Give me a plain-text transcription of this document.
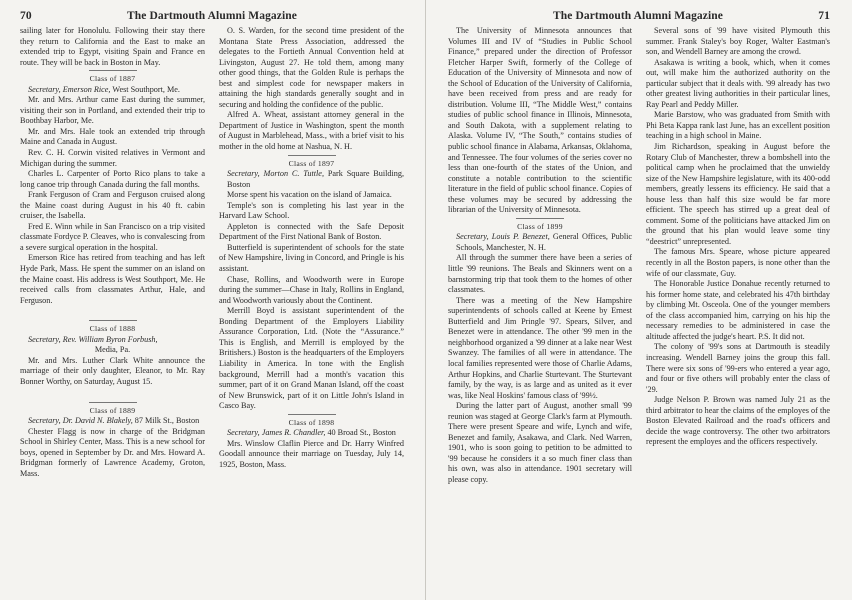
70	The Dartmouth Alumni Magazine

sailing later for Honolulu. Following their stay there they return to California and the East to make an extended trip to Egypt, visiting Spain and France en route. They will be back in Boston in May.

Class of 1887

Secretary, Emerson Rice, West Southport, Me.

Mr. and Mrs. Arthur came East during the summer, visiting their son in Portland, and extended their trip to Boothbay Harbor, Me.

Mr. and Mrs. Hale took an extended trip through Maine and Canada in August.

Rev. C. H. Corwin visited relatives in Vermont and Michigan during the summer.

Charles L. Carpenter of Porto Rico plans to take a long canoe trip through Canada during the fall months.

Frank Ferguson of Cram and Ferguson cruised along the Maine coast during August in his 40 ft. cabin cruiser, the Isabella.

Fred E. Winn while in San Francisco on a trip visited classmate Fordyce P. Cleaves, who is convalescing from a severe surgical operation in the hospital.

Emerson Rice has retired from teaching and has left Hyde Park, Mass. He spent the summer on an island on the Maine coast. His address is West Southport, Me. He received calls from classmates Arthur, Hale, and Ferguson.

Class of 1888

Secretary, Rev. William Byron Forbush,

Media, Pa.

Mr. and Mrs. Luther Clark White announce the marriage of their only daughter, Eleanor, to Mr. Ray Bonner Worthy, on Saturday, August 15.

Class of 1889

Secretary, Dr. David N. Blakely, 87 Milk St., Boston

Chester Flagg is now in charge of the Bridgman School in Shirley Center, Mass. This is a new school for boys, opened in September by Dr. and Mrs. Howard A. Bridgman formerly of Lawrence Academy, Groton, Mass.

O. S. Warden, for the second time president of the Montana State Press Association, addressed the delegates to the Fortieth Annual Convention held at Livingston, August 27. He told them, among many other good things, that the Golden Rule is perhaps the best and simplest code for newspaper makers in attaining the high standards generally sought and in securing and holding the confidence of the public.

Alfred A. Wheat, assistant attorney general in the Department of Justice in Washington, spent the month of August in Marblehead, Mass., with a brief visit to his mother in the old home at Nashua, N. H.

Class of 1897

Secretary, Morton C. Tuttle, Park Square Building, Boston

Morse spent his vacation on the island of Jamaica.

Temple's son is completing his last year in the Harvard Law School.

Appleton is connected with the Safe Deposit Department of the First National Bank of Boston.

Butterfield is superintendent of schools for the state of New Hampshire, living in Concord, and Pringle is his assistant.

Chase, Rollins, and Woodworth were in Europe during the summer—Chase in Italy, Rollins in England, and Woodworth variously about the Continent.

Merrill Boyd is assistant superintendent of the Bonding Department of the Employers Liability Assurance Corporation, Ltd. (Note the “Assurance.” This is English, and Merrill is employed by the Britishers.) Boston is the headquarters of the Employers Liability in America. In tone with the English background, Merrill had a month's vacation this summer, part of it on Grand Manan Island, off the coast of New Brunswick, part of it on Little John's Island in Casco Bay.

Class of 1898

Secretary, James R. Chandler, 40 Broad St., Boston

Mrs. Winslow Claflin Pierce and Dr. Harry Winfred Goodall announce their marriage on Tuesday, July 14, 1925, Boston, Mass.

The Dartmouth Alumni Magazine	71

The University of Minnesota announces that Volumes III and IV of “Studies in Public School Finance,” prepared under the direction of Professor Fletcher Harper Swift, formerly of the College of Education of the University of Minnesota and now of the School of Education of the University of California, have been received from press and are ready for distribution. Volume III, “The Middle West,” contains studies of public school finance in Illinois, Minnesota, and South Dakota, with a supplement relating to Alaska. Volume IV, “The South,” contains studies of public school finance in Alabama, Arkansas, Oklahoma, and Tennessee. The four volumes of the series cover no less than one-fourth of the states of the Union, and constitute a notable contribution to the scientific literature in the field of public school finance. Copies of these volumes may be secured by addressing the librarian of the University of Minnesota.

Class of 1899

Secretary, Louis P. Benezet, General Offices, Public Schools, Manchester, N. H.

All through the summer there have been a series of little '99 reunions. The Beals and Skinners went on a barnstorming trip that took them to the homes of other classmates.

There was a meeting of the New Hampshire superintendents of schools called at Keene by Ernest Butterfield and Jim Pringle '97. Spears, Silver, and Benezet were in attendance. The other '99 men in the neighborhood organized a '99 dinner at a lake near West Swanzey. The families of all were in attendance. The local families represented were those of Charlie Adams, Arthur Hopkins, and Charlie Sturtevant. The Sturtevant family, by the way, is as large and as united as it ever was, like Neal Hoskins' famous class of '99½.

During the latter part of August, another small '99 reunion was staged at George Clark's farm at Plymouth. There were present Speare and wife, Lynch and wife, Benezet and family, Asakawa, and Clark. Ned Warren, 1901, who is soon going to petition to be admitted to '99 because he considers it a so much finer class than his own, was also in attendance. 1901 secretary will please copy.

Several sons of '99 have visited Plymouth this summer. Frank Staley's boy Roger, Walter Eastman's son, and Wendell Barney are among the crowd.

Asakawa is writing a book, which, when it comes out, will make him the authorized authority on the particular subject that it deals with. '99 already has two other greatest living authorities in their particular lines, Ray Pearl and Peddy Miller.

Marie Barstow, who was graduated from Smith with Phi Beta Kappa rank last June, has an excellent position teaching in a high school in Maine.

Jim Richardson, speaking in August before the Rotary Club of Manchester, threw a bombshell into the political camp when he proclaimed that the unwieldy size of the New Hampshire legislature, with its 400-odd members, greatly lessens its efficiency. He said that a house less than half this size would be far more efficient. The speech has stirred up a great deal of comment. Some of the politicians have attacked Jim on the ground that his plan would leave some tiny “deestrict” unrepresented.

The famous Mrs. Speare, whose picture appeared recently in all the Boston papers, is none other than the wife of our classmate, Guy.

The Honorable Justice Donahue recently returned to his former home state, and celebrated his 47th birthday by climbing Mt. Osceola. One of the younger members of the class accompanied him, carrying on his hip the necessary remedies to be administered in case the altitude affected the judge's heart. P.S. It did not.

The colony of '99's sons at Dartmouth is steadily increasing. Wendell Barney joins the group this fall. There were six sons of '99-ers who entered a year ago, and four or five others will probably enter the class of '29.

Judge Nelson P. Brown was named July 21 as the third arbitrator to hear the claims of the employes of the Boston Elevated Railroad and the road's officers and decide the wage controversy. The other two arbitrators represent the employes and the officers respectively.
